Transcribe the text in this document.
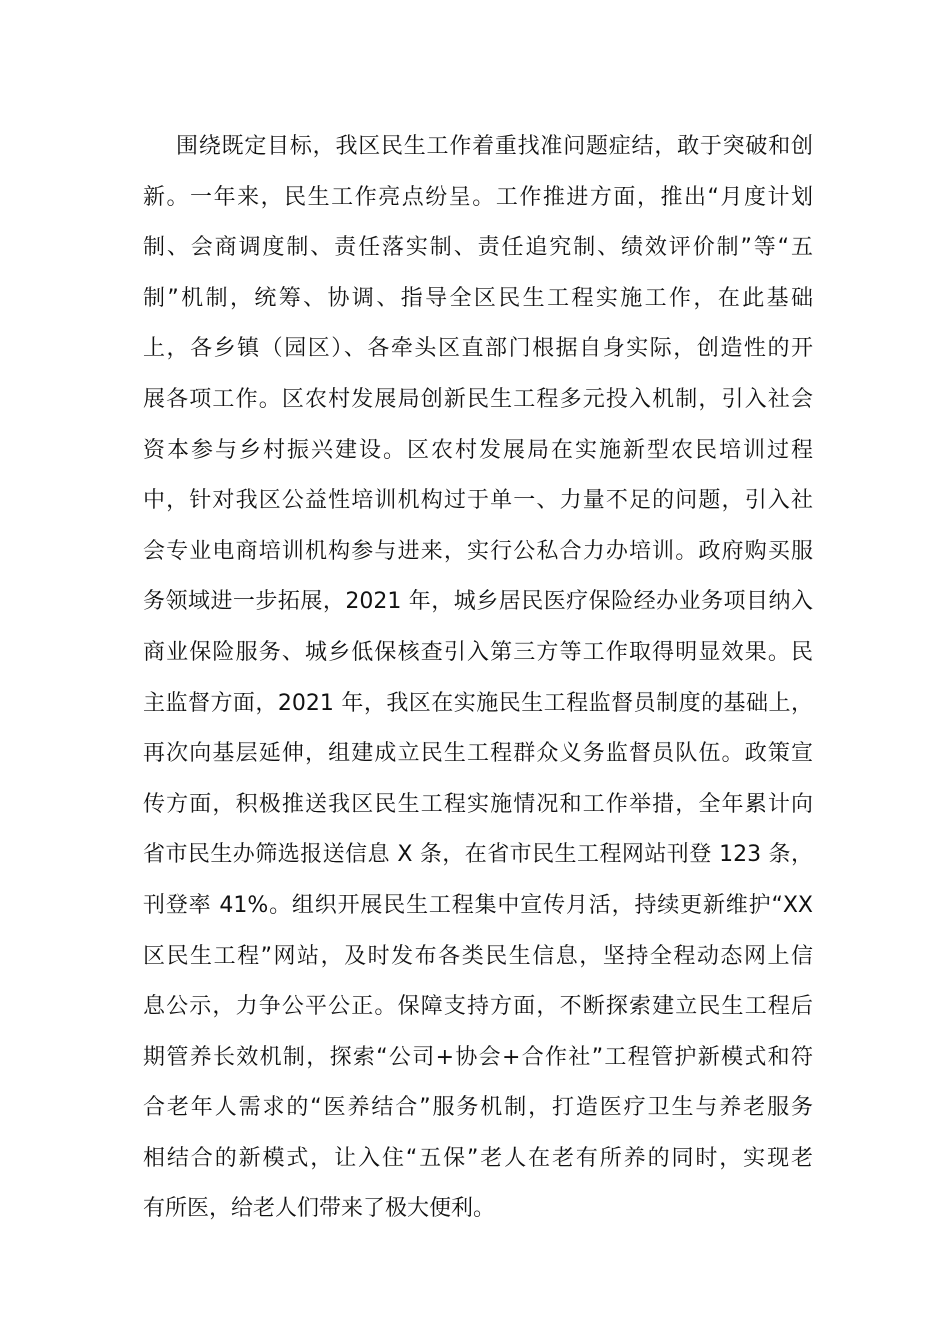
围绕既定目标，我区民生工作着重找准问题症结，敢于突破和创
新。一年来，民生工作亮点纷呈。工作推进方面，推出“月度计划
制、会商调度制、责任落实制、责任追究制、绩效评价制”等“五
制”机制，统筹、协调、指导全区民生工程实施工作，在此基础
上，各乡镇（园区）、各牵头区直部门根据自身实际，创造性的开
展各项工作。区农村发展局创新民生工程多元投入机制，引入社会
资本参与乡村振兴建设。区农村发展局在实施新型农民培训过程
中，针对我区公益性培训机构过于单一、力量不足的问题，引入社
会专业电商培训机构参与进来，实行公私合力办培训。政府购买服
务领域进一步拓展，2021 年，城乡居民医疗保险经办业务项目纳入
商业保险服务、城乡低保核查引入第三方等工作取得明显效果。民
主监督方面，2021 年，我区在实施民生工程监督员制度的基础上，
再次向基层延伸，组建成立民生工程群众义务监督员队伍。政策宣
传方面，积极推送我区民生工程实施情况和工作举措，全年累计向
省市民生办筛选报送信息 X 条，在省市民生工程网站刊登 123 条，
刊登率 41%。组织开展民生工程集中宣传月活，持续更新维护“XX
区民生工程”网站，及时发布各类民生信息，坚持全程动态网上信
息公示，力争公平公正。保障支持方面，不断探索建立民生工程后
期管养长效机制，探索“公司+协会+合作社”工程管护新模式和符
合老年人需求的“医养结合”服务机制，打造医疗卫生与养老服务
相结合的新模式，让入住“五保”老人在老有所养的同时，实现老
有所医，给老人们带来了极大便利。
